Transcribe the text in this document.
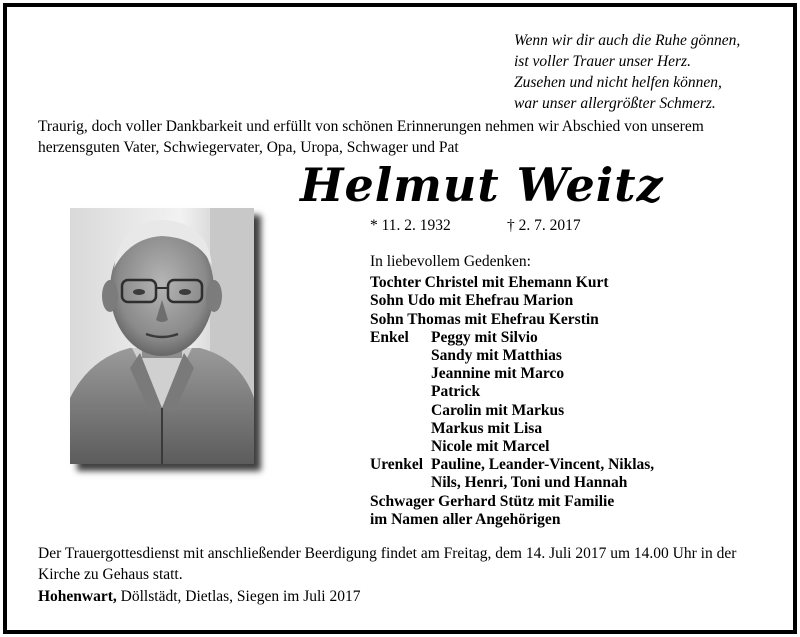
Wenn wir dir auch die Ruhe gönnen,
ist voller Trauer unser Herz.
Zusehen und nicht helfen können,
war unser allergrößter Schmerz.
Traurig, doch voller Dankbarkeit und erfüllt von schönen Erinnerungen nehmen wir Abschied von unserem herzensguten Vater, Schwiegervater, Opa, Uropa, Schwager und Pat
Helmut Weitz
* 11. 2. 1932	† 2. 7. 2017
In liebevollem Gedenken:
Tochter Christel mit Ehemann Kurt
Sohn Udo mit Ehefrau Marion
Sohn Thomas mit Ehefrau Kerstin
Enkel	Peggy mit Silvio
Sandy mit Matthias
Jeannine mit Marco
Patrick
Carolin mit Markus
Markus mit Lisa
Nicole mit Marcel
Urenkel Pauline, Leander-Vincent, Niklas,
Nils, Henri, Toni und Hannah
Schwager Gerhard Stütz mit Familie
im Namen aller Angehörigen
Der Trauergottesdienst mit anschließender Beerdigung findet am Freitag, dem 14. Juli 2017 um 14.00 Uhr in der Kirche zu Gehaus statt.
Hohenwart, Döllstädt, Dietlas, Siegen im Juli 2017
